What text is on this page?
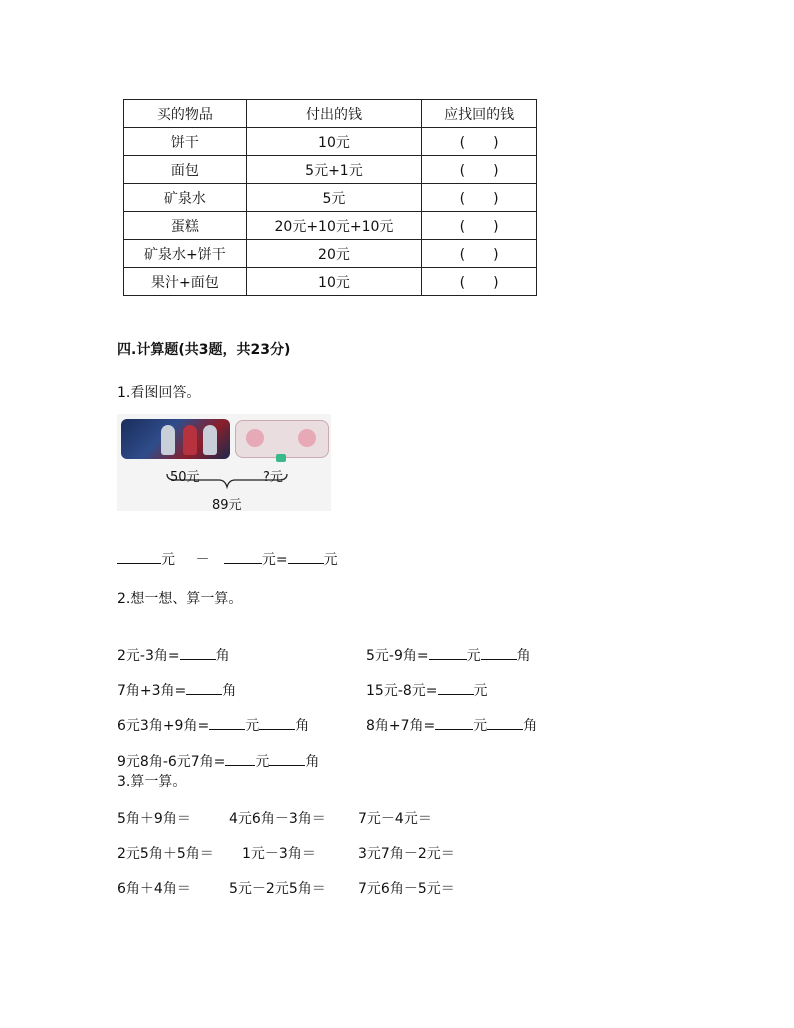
买的物品	付出的钱	应找回的钱
饼干	10元	(　　)
面包	5元+1元	(　　)
矿泉水	5元	(　　)
蛋糕	20元+10元+10元	(　　)
矿泉水+饼干	20元	(　　)
果汁+面包	10元	(　　)
四.计算题(共3题，共23分)
1.看图回答。
50元	?元
89元
元 －	元=	元
2.想一想、算一算。
2元-3角=	角	5元-9角=	元	角
7角+3角=	角	15元-8元=	元
6元3角+9角=	元	角	8角+7角=	元	角
9元8角-6元7角= 元	角
3.算一算。
5角＋9角＝	4元6角－3角＝ 7元－4元＝
2元5角＋5角＝ 1元－3角＝	3元7角－2元＝
6角＋4角＝	5元－2元5角＝ 7元6角－5元＝
